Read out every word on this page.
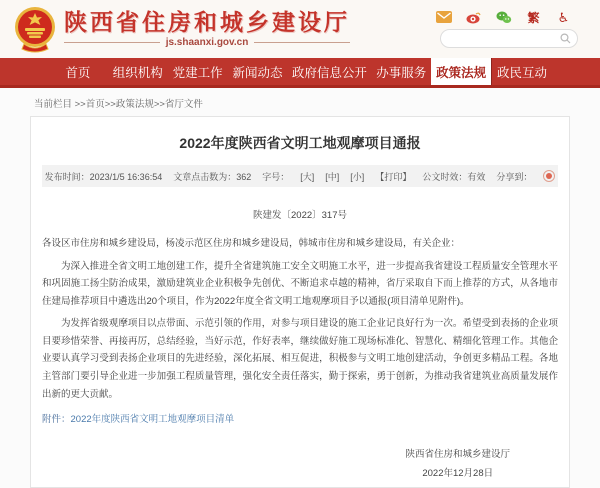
陕西省住房和城乡建设厅
js.shaanxi.gov.cn
繁 ♿
首页	组织机构 党建工作 新闻动态 政府信息公开 办事服务 政策法规 政民互动
当前栏目 >>首页>>政策法规>>省厅文件
2022年度陕西省文明工地观摩项目通报
发布时间：2023/1/5 16:36:54 文章点击数为：362 字号： [大] [中] [小] 【打印】 公文时效：有效 分享到：
陕建发〔2022〕317号

各设区市住房和城乡建设局，杨凌示范区住房和城乡建设局，韩城市住房和城乡建设局，有关企业：

为深入推进全省文明工地创建工作，提升全省建筑施工安全文明施工水平，进一步提高我省建设工程质量安全管理水平和巩固施工扬尘防治成果，激励建筑业企业积极争先创优、不断追求卓越的精神，省厅采取自下而上推荐的方式，从各地市住建局推荐项目中遴选出20个项目，作为2022年度全省文明工地观摩项目予以通报(项目清单见附件)。

为发挥省级观摩项目以点带面、示范引领的作用，对参与项目建设的施工企业记良好行为一次。希望受到表扬的企业项目要珍惜荣誉、再接再厉，总结经验，当好示范，作好表率，继续做好施工现场标准化、智慧化、精细化管理工作。其他企业要认真学习受到表扬企业项目的先进经验，深化拓展、相互促进，积极参与文明工地创建活动，争创更多精品工程。各地主管部门要引导企业进一步加强工程质量管理，强化安全责任落实，勤于探索，勇于创新，为推动我省建筑业高质量发展作出新的更大贡献。

附件：2022年度陕西省文明工地观摩项目清单
陕西省住房和城乡建设厅
2022年12月28日
